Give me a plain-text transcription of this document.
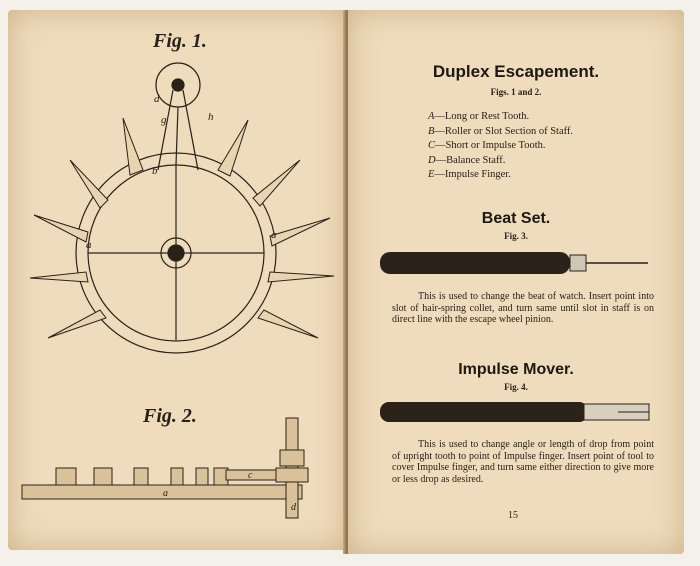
Fig. 1.
d
g	h
a
a
b
Fig. 2.
a
d
c
Duplex Escapement.
Figs. 1 and 2.
A—Long or Rest Tooth.
B—Roller or Slot Section of Staff.
C—Short or Impulse Tooth.
D—Balance Staff.
E—Impulse Finger.
Beat Set.
Fig. 3.
This is used to change the beat of watch. Insert point into slot of hair-spring collet, and turn same until slot in staff is on direct line with the escape wheel pinion.
Impulse Mover.
Fig. 4.
This is used to change angle or length of drop from point of upright tooth to point of Impulse finger. Insert point of tool to cover Impulse finger, and turn same either direction to give more or less drop as desired.
15
